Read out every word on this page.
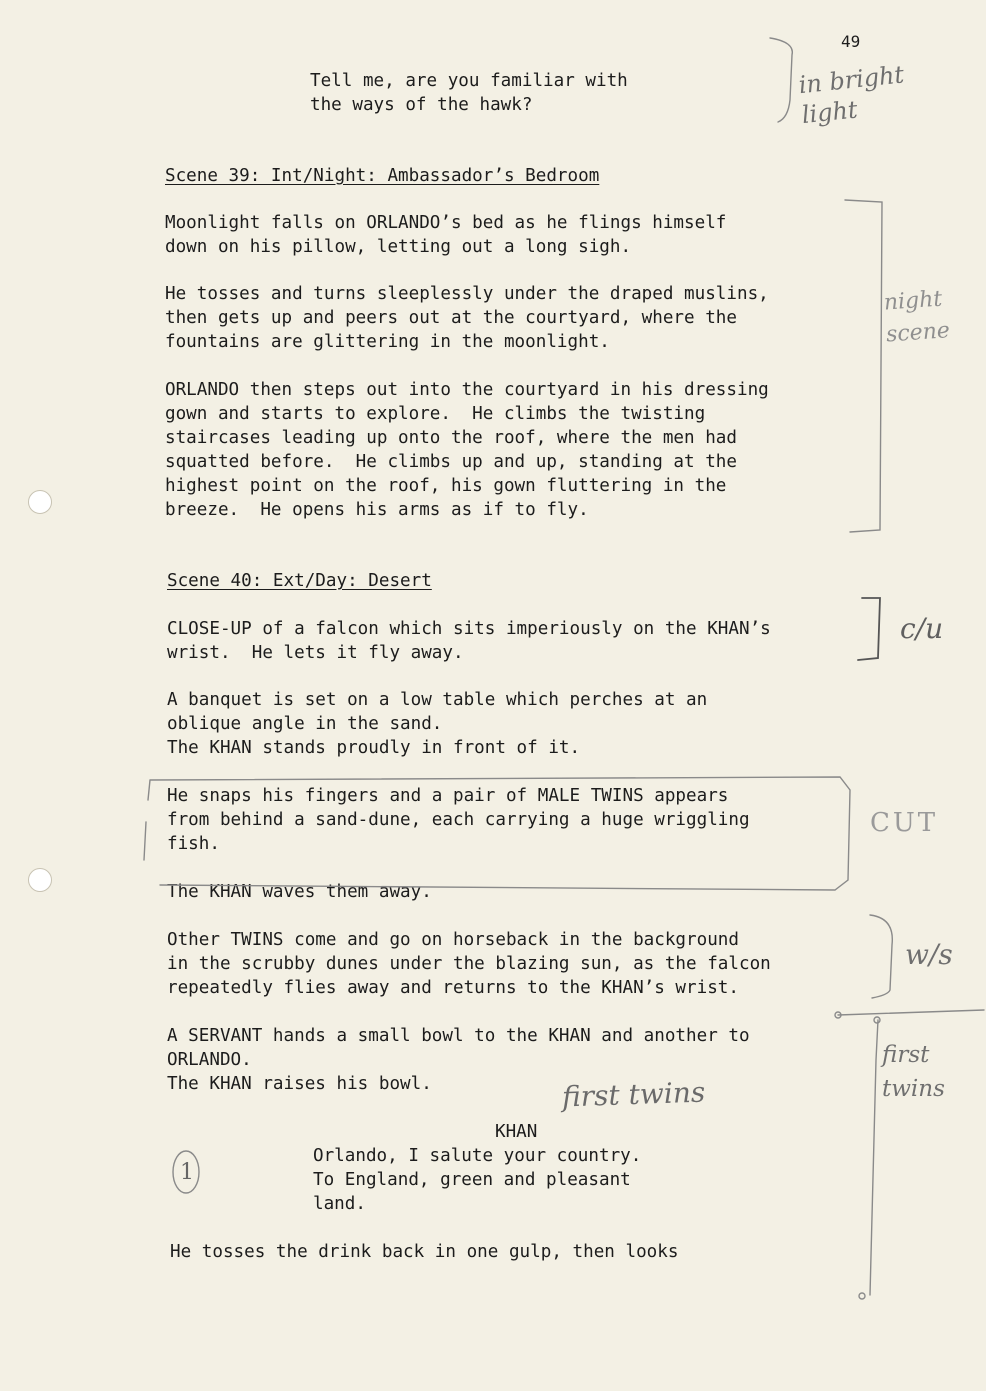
49
Tell me, are you familiar with
the ways of the hawk?
Scene 39: Int/Night: Ambassador’s Bedroom
Moonlight falls on ORLANDO’s bed as he flings himself
down on his pillow, letting out a long sigh.
He tosses and turns sleeplessly under the draped muslins,
then gets up and peers out at the courtyard, where the
fountains are glittering in the moonlight.
ORLANDO then steps out into the courtyard in his dressing
gown and starts to explore.  He climbs the twisting
staircases leading up onto the roof, where the men had
squatted before.  He climbs up and up, standing at the
highest point on the roof, his gown fluttering in the
breeze.  He opens his arms as if to fly.
Scene 40: Ext/Day: Desert
CLOSE-UP of a falcon which sits imperiously on the KHAN’s
wrist.  He lets it fly away.
A banquet is set on a low table which perches at an
oblique angle in the sand.
The KHAN stands proudly in front of it.
He snaps his fingers and a pair of MALE TWINS appears
from behind a sand-dune, each carrying a huge wriggling
fish.
The KHAN waves them away.
Other TWINS come and go on horseback in the background
in the scrubby dunes under the blazing sun, as the falcon
repeatedly flies away and returns to the KHAN’s wrist.
A SERVANT hands a small bowl to the KHAN and another to
ORLANDO.
The KHAN raises his bowl.
KHAN
Orlando, I salute your country.
To England, green and pleasant
land.
He tosses the drink back in one gulp, then looks
in bright light
night scene
c/u
CUT
w/s
first twins
first twins
1
